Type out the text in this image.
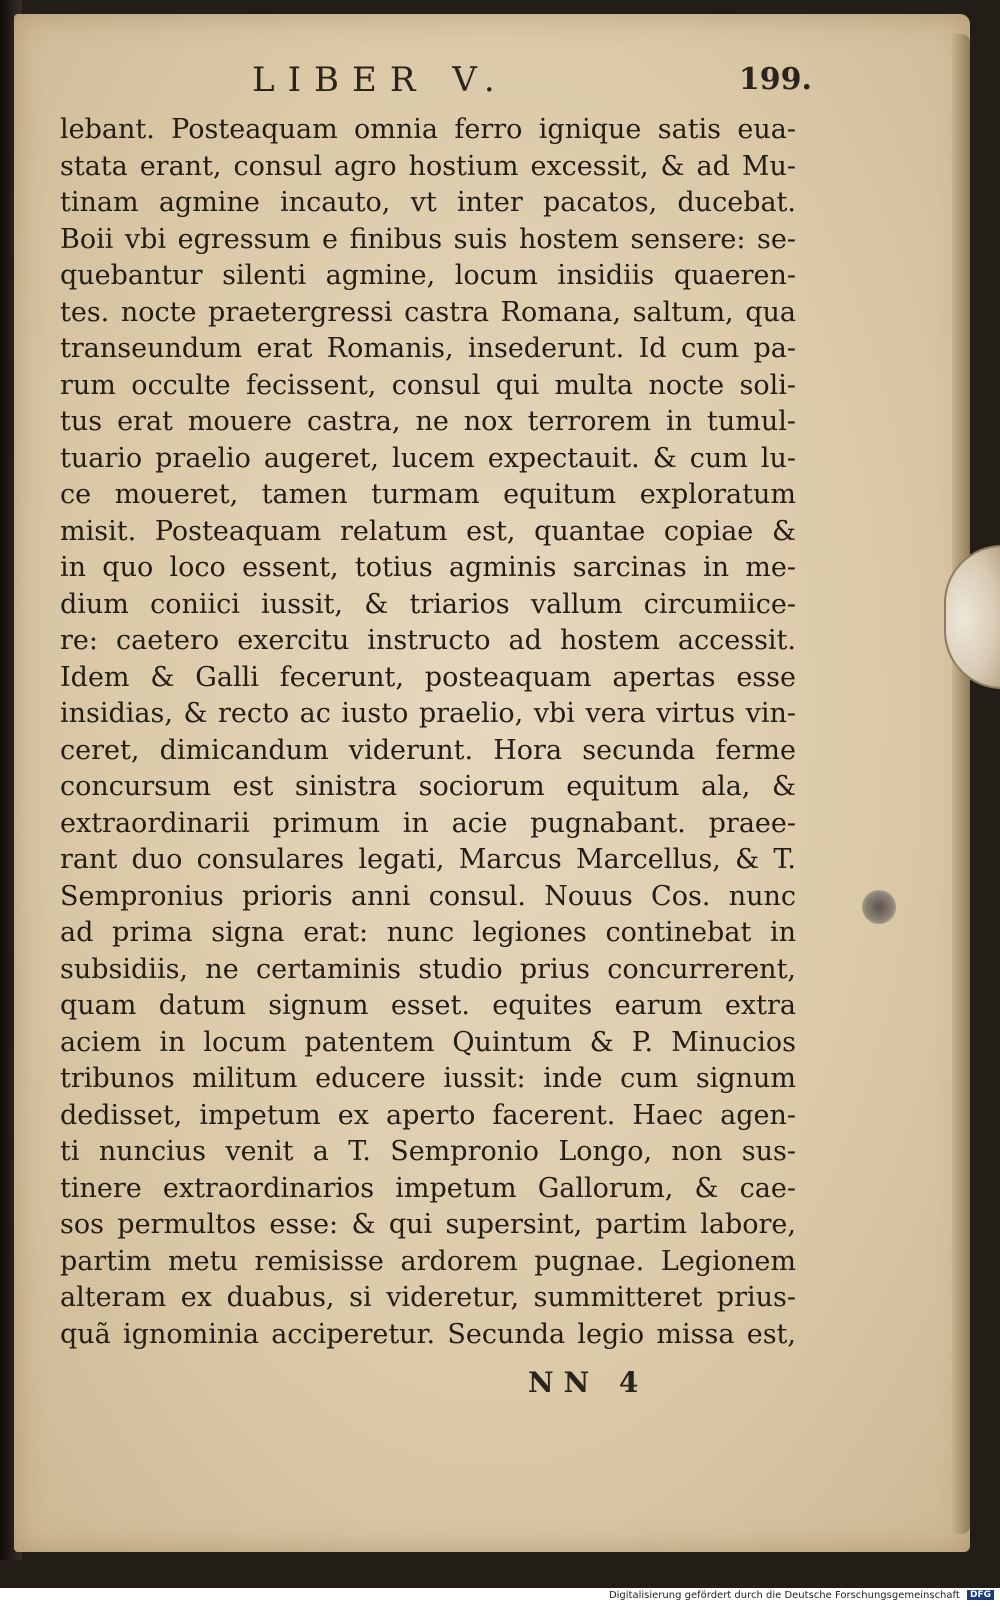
LIBER V.	199.
lebant. Posteaquam omnia ferro ignique satis eua-
stata erant, consul agro hostium excessit, & ad Mu-
tinam agmine incauto, vt inter pacatos, ducebat.
Boii vbi egressum e finibus suis hostem sensere: se-
quebantur silenti agmine, locum insidiis quaeren-
tes. nocte praetergressi castra Romana, saltum, qua
transeundum erat Romanis, insederunt. Id cum pa-
rum occulte fecissent, consul qui multa nocte soli-
tus erat mouere castra, ne nox terrorem in tumul-
tuario praelio augeret, lucem expectauit. & cum lu-
ce moueret, tamen turmam equitum exploratum
misit. Posteaquam relatum est, quantae copiae &
in quo loco essent, totius agminis sarcinas in me-
dium coniici iussit, & triarios vallum circumiice-
re: caetero exercitu instructo ad hostem accessit.
Idem & Galli fecerunt, posteaquam apertas esse
insidias, & recto ac iusto praelio, vbi vera virtus vin-
ceret, dimicandum viderunt. Hora secunda ferme
concursum est sinistra sociorum equitum ala, &
extraordinarii primum in acie pugnabant. praee-
rant duo consulares legati, Marcus Marcellus, & T.
Sempronius prioris anni consul. Nouus Cos. nunc
ad prima signa erat: nunc legiones continebat in
subsidiis, ne certaminis studio prius concurrerent,
quam datum signum esset. equites earum extra
aciem in locum patentem Quintum & P. Minucios
tribunos militum educere iussit: inde cum signum
dedisset, impetum ex aperto facerent. Haec agen-
ti nuncius venit a T. Sempronio Longo, non sus-
tinere extraordinarios impetum Gallorum, & cae-
sos permultos esse: & qui supersint, partim labore,
partim metu remisisse ardorem pugnae. Legionem
alteram ex duabus, si videretur, summitteret prius-
quã ignominia acciperetur. Secunda legio missa est,
NN 4
Digitalisierung gefördert durch die Deutsche Forschungsgemeinschaft DFG
